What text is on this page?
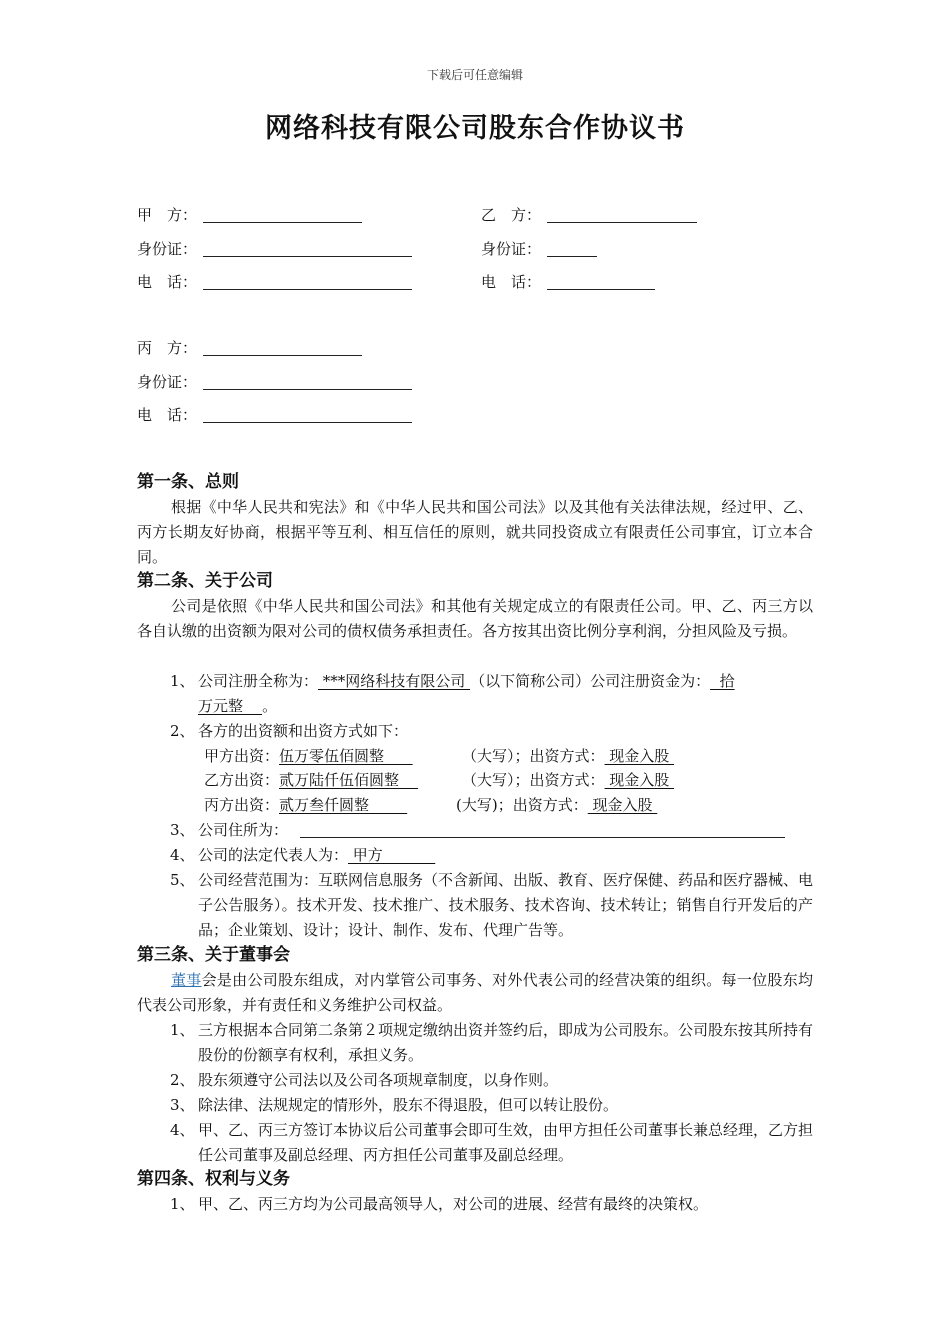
下载后可任意编辑
网络科技有限公司股东合作协议书
甲　方：
身份证：
电　话：
乙　方：
身份证：
电　话：
丙　方：
身份证：
电　话：
第一条、总则
根据《中华人民共和宪法》和《中华人民共和国公司法》以及其他有关法律法规，经过甲、乙、丙方长期友好协商，根据平等互利、相互信任的原则，就共同投资成立有限责任公司事宜，订立本合同。
第二条、关于公司
公司是依照《中华人民共和国公司法》和其他有关规定成立的有限责任公司。甲、乙、丙三方以各自认缴的出资额为限对公司的债权债务承担责任。各方按其出资比例分享利润，分担风险及亏损。
1、 公司注册全称为： ***网络科技有限公司 （以下简称公司）公司注册资金为：  拾
万元整    。
2、 各方的出资额和出资方式如下：
甲方出资：伍万零伍佰圆整	（大写）；出资方式： 现金入股
乙方出资：贰万陆仟伍佰圆整	（大写）；出资方式： 现金入股
丙方出资：贰万叁仟圆整	(大写)；出资方式： 现金入股
3、 公司住所为：
4、 公司的法定代表人为： 甲方
5、 公司经营范围为：互联网信息服务（不含新闻、出版、教育、医疗保健、药品和医疗器械、电子公告服务）。技术开发、技术推广、技术服务、技术咨询、技术转让；销售自行开发后的产品；企业策划、设计；设计、制作、发布、代理广告等。
第三条、关于董事会
董事会是由公司股东组成，对内掌管公司事务、对外代表公司的经营决策的组织。每一位股东均代表公司形象，并有责任和义务维护公司权益。
1、 三方根据本合同第二条第２项规定缴纳出资并签约后，即成为公司股东。公司股东按其所持有股份的份额享有权利，承担义务。
2、 股东须遵守公司法以及公司各项规章制度，以身作则。
3、 除法律、法规规定的情形外，股东不得退股，但可以转让股份。
4、 甲、乙、丙三方签订本协议后公司董事会即可生效，由甲方担任公司董事长兼总经理，乙方担任公司董事及副总经理、丙方担任公司董事及副总经理。
第四条、权利与义务
1、 甲、乙、丙三方均为公司最高领导人，对公司的进展、经营有最终的决策权。
